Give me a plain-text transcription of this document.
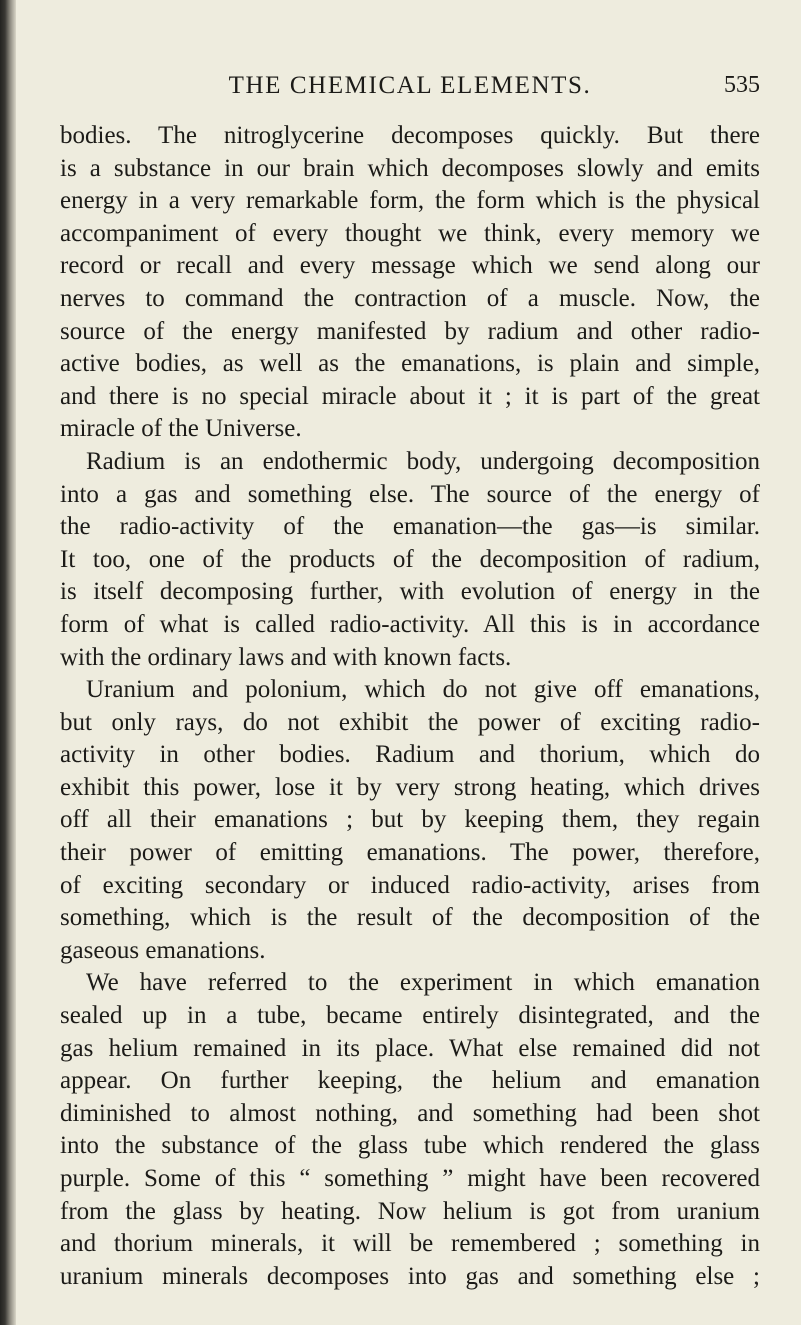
THE CHEMICAL ELEMENTS.	535
bodies. The nitroglycerine decomposes quickly. But there
is a substance in our brain which decomposes slowly and emits
energy in a very remarkable form, the form which is the physical
accompaniment of every thought we think, every memory we
record or recall and every message which we send along our
nerves to command the contraction of a muscle. Now, the
source of the energy manifested by radium and other radio-
active bodies, as well as the emanations, is plain and simple,
and there is no special miracle about it ; it is part of the great
miracle of the Universe.
Radium is an endothermic body, undergoing decomposition
into a gas and something else. The source of the energy of
the radio-activity of the emanation—the gas—is similar.
It too, one of the products of the decomposition of radium,
is itself decomposing further, with evolution of energy in the
form of what is called radio-activity. All this is in accordance
with the ordinary laws and with known facts.
Uranium and polonium, which do not give off emanations,
but only rays, do not exhibit the power of exciting radio-
activity in other bodies. Radium and thorium, which do
exhibit this power, lose it by very strong heating, which drives
off all their emanations ; but by keeping them, they regain
their power of emitting emanations. The power, therefore,
of exciting secondary or induced radio-activity, arises from
something, which is the result of the decomposition of the
gaseous emanations.
We have referred to the experiment in which emanation
sealed up in a tube, became entirely disintegrated, and the
gas helium remained in its place. What else remained did not
appear. On further keeping, the helium and emanation
diminished to almost nothing, and something had been shot
into the substance of the glass tube which rendered the glass
purple. Some of this “ something ” might have been recovered
from the glass by heating. Now helium is got from uranium
and thorium minerals, it will be remembered ; something in
uranium minerals decomposes into gas and something else ;
